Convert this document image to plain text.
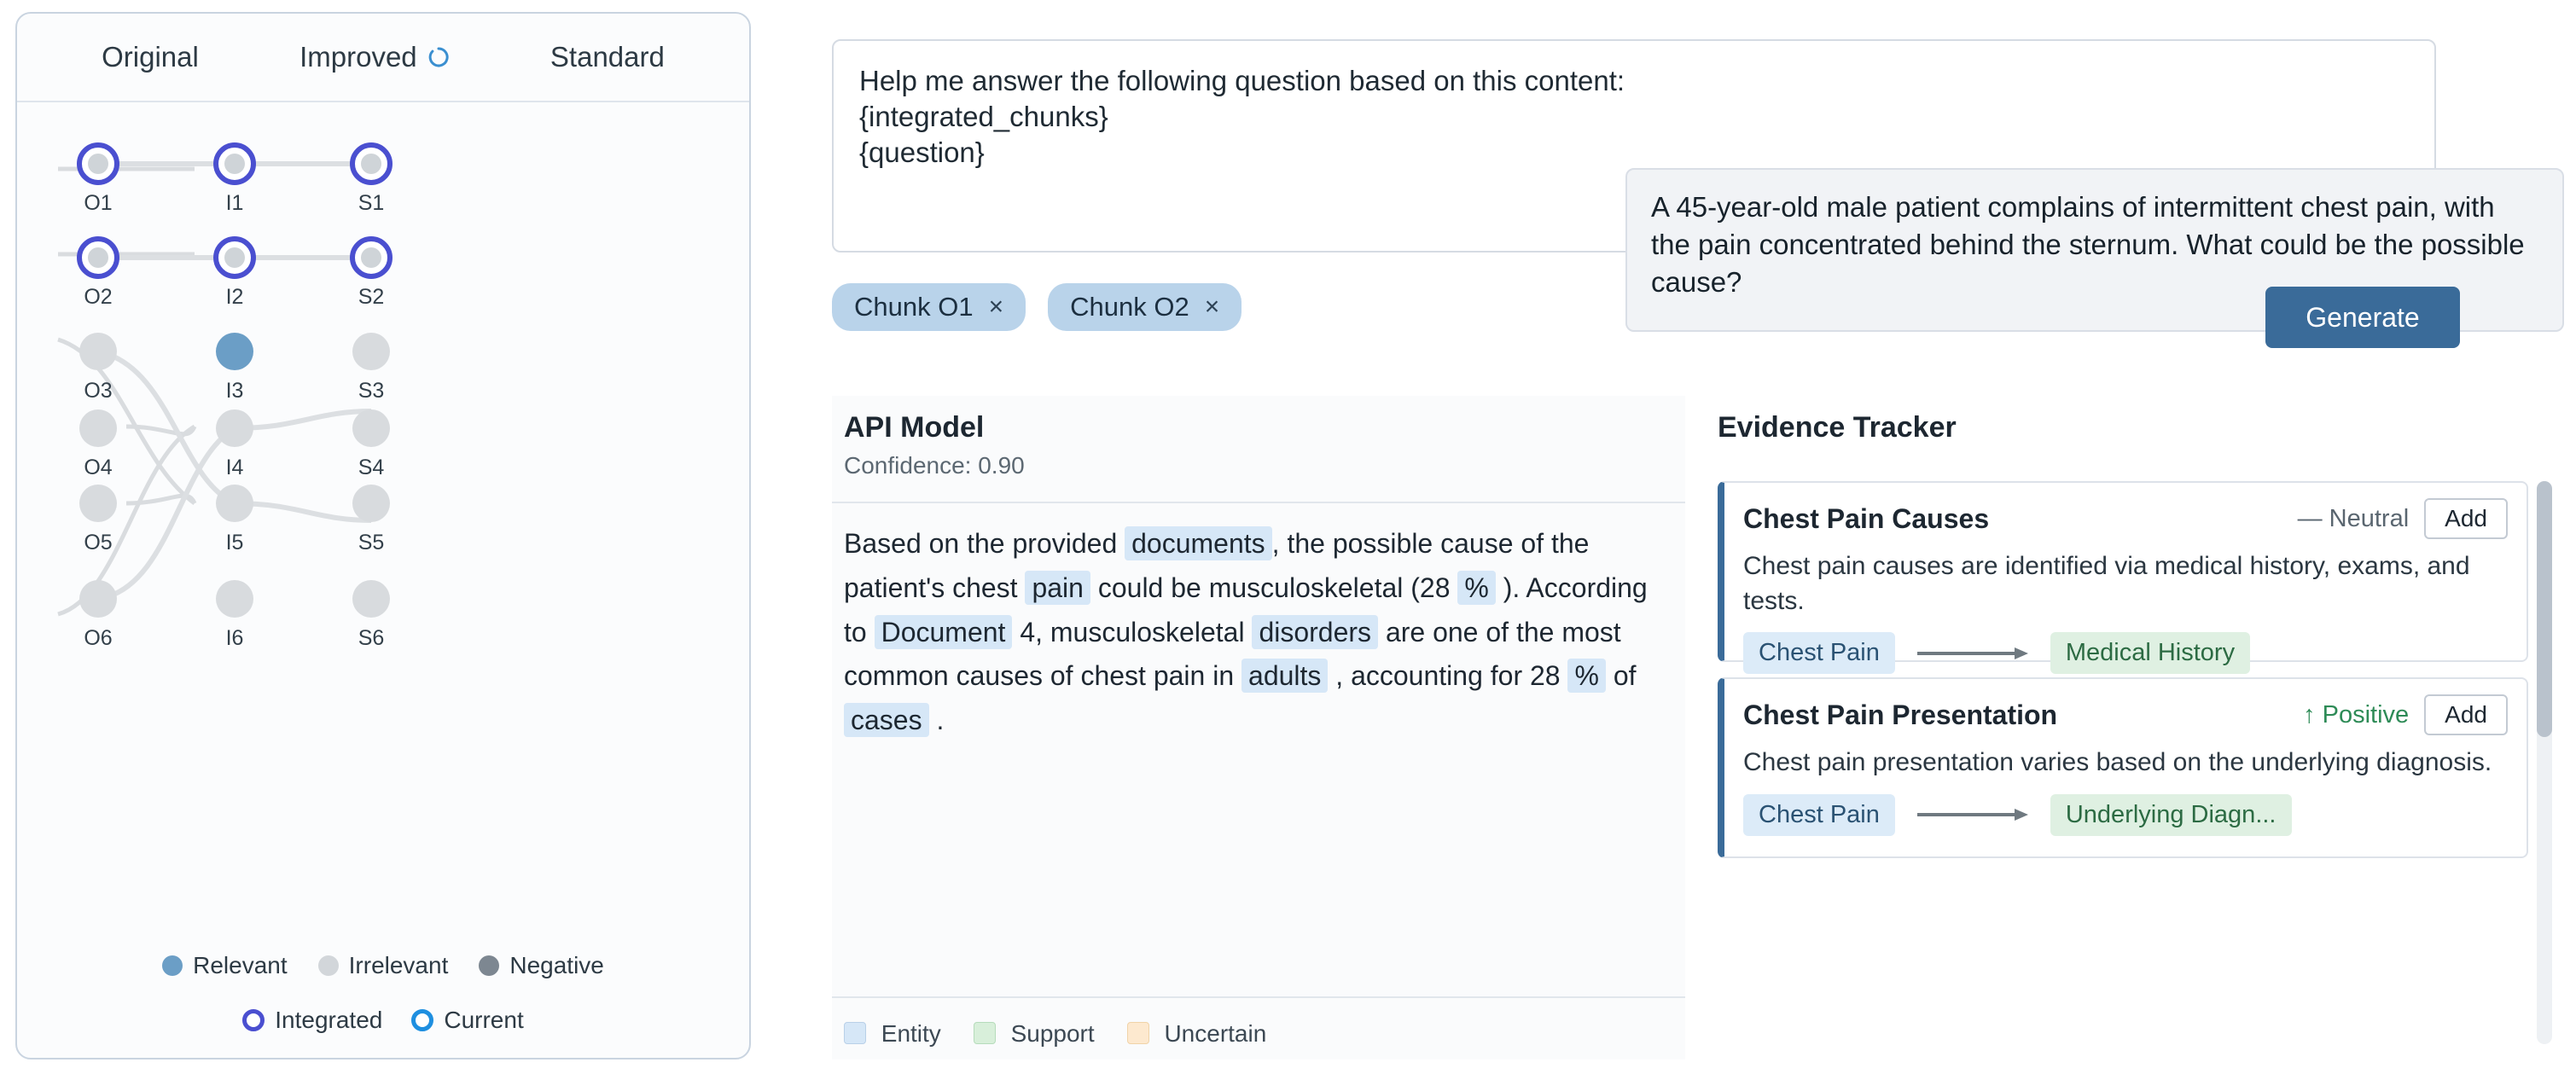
Original	Improved	Standard
O1
O2
O3
O4
O5
O6
I1
I2
I3
I4
I5
I6
S1
S2
S3
S4
S5
S6
Relevant	Irrelevant	Negative
Integrated	Current
Help me answer the following question based on this content:
{integrated_chunks}
{question}
Chunk O1 ×	Chunk O2 ×
A 45-year-old male patient complains of intermittent chest pain, with the pain concentrated behind the sternum. What could be the possible cause?
Generate
API Model
Confidence: 0.90
Based on the provided documents , the possible cause of the patient's chest pain could be musculoskeletal (28 % ). According to Document 4, musculoskeletal disorders are one of the most common causes of chest pain in adults , accounting for 28 % of cases .
Entity	Support	Uncertain
Evidence Tracker
Chest Pain Causes	— Neutral	Add
Chest pain causes are identified via medical history, exams, and tests.
Chest Pain	Medical History
Chest Pain Presentation	↑ Positive	Add
Chest pain presentation varies based on the underlying diagnosis.
Chest Pain	Underlying Diagn...
